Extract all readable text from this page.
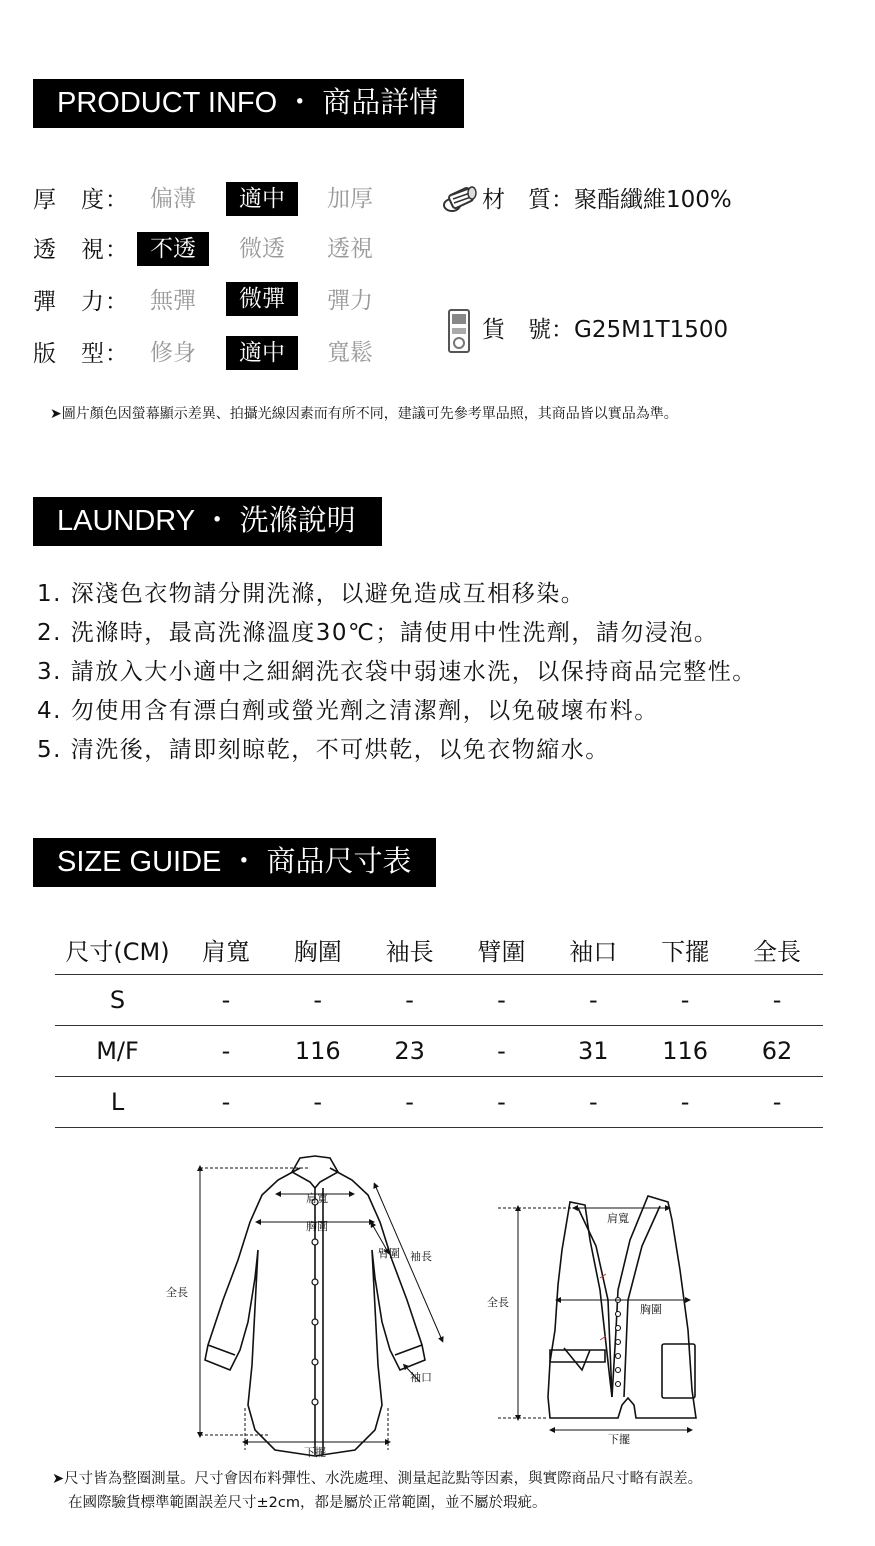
PRODUCT INFO ・ 商品詳情
厚　度： 偏薄	適中	加厚
透　視： 不透	微透	透視
彈　力： 無彈	微彈	彈力
版　型： 修身	適中	寬鬆
材　質：聚酯纖維100%
貨　號：G25M1T1500
➤圖片顏色因螢幕顯示差異、拍攝光線因素而有所不同，建議可先參考單品照，其商品皆以實品為準。
LAUNDRY ・ 洗滌說明
1. 深淺色衣物請分開洗滌，以避免造成互相移染。
2. 洗滌時，最高洗滌溫度30℃；請使用中性洗劑，請勿浸泡。
3. 請放入大小適中之細網洗衣袋中弱速水洗，以保持商品完整性。
4. 勿使用含有漂白劑或螢光劑之清潔劑，以免破壞布料。
5. 清洗後，請即刻晾乾，不可烘乾，以免衣物縮水。
SIZE GUIDE ・ 商品尺寸表
尺寸(CM)	肩寬	胸圍	袖長	臂圍	袖口	下擺	全長
S	-	-	-	-	-	-	-
M/F	-	116	23	-	31	116	62
L	-	-	-	-	-	-	-
肩寬
胸圍
臂圍 袖長
全長
袖口
下擺
肩寬
胸圍
全長
下擺
➤尺寸皆為整圈測量。尺寸會因布料彈性、水洗處理、測量起訖點等因素，與實際商品尺寸略有誤差。
在國際驗貨標準範圍誤差尺寸±2cm，都是屬於正常範圍，並不屬於瑕疵。
